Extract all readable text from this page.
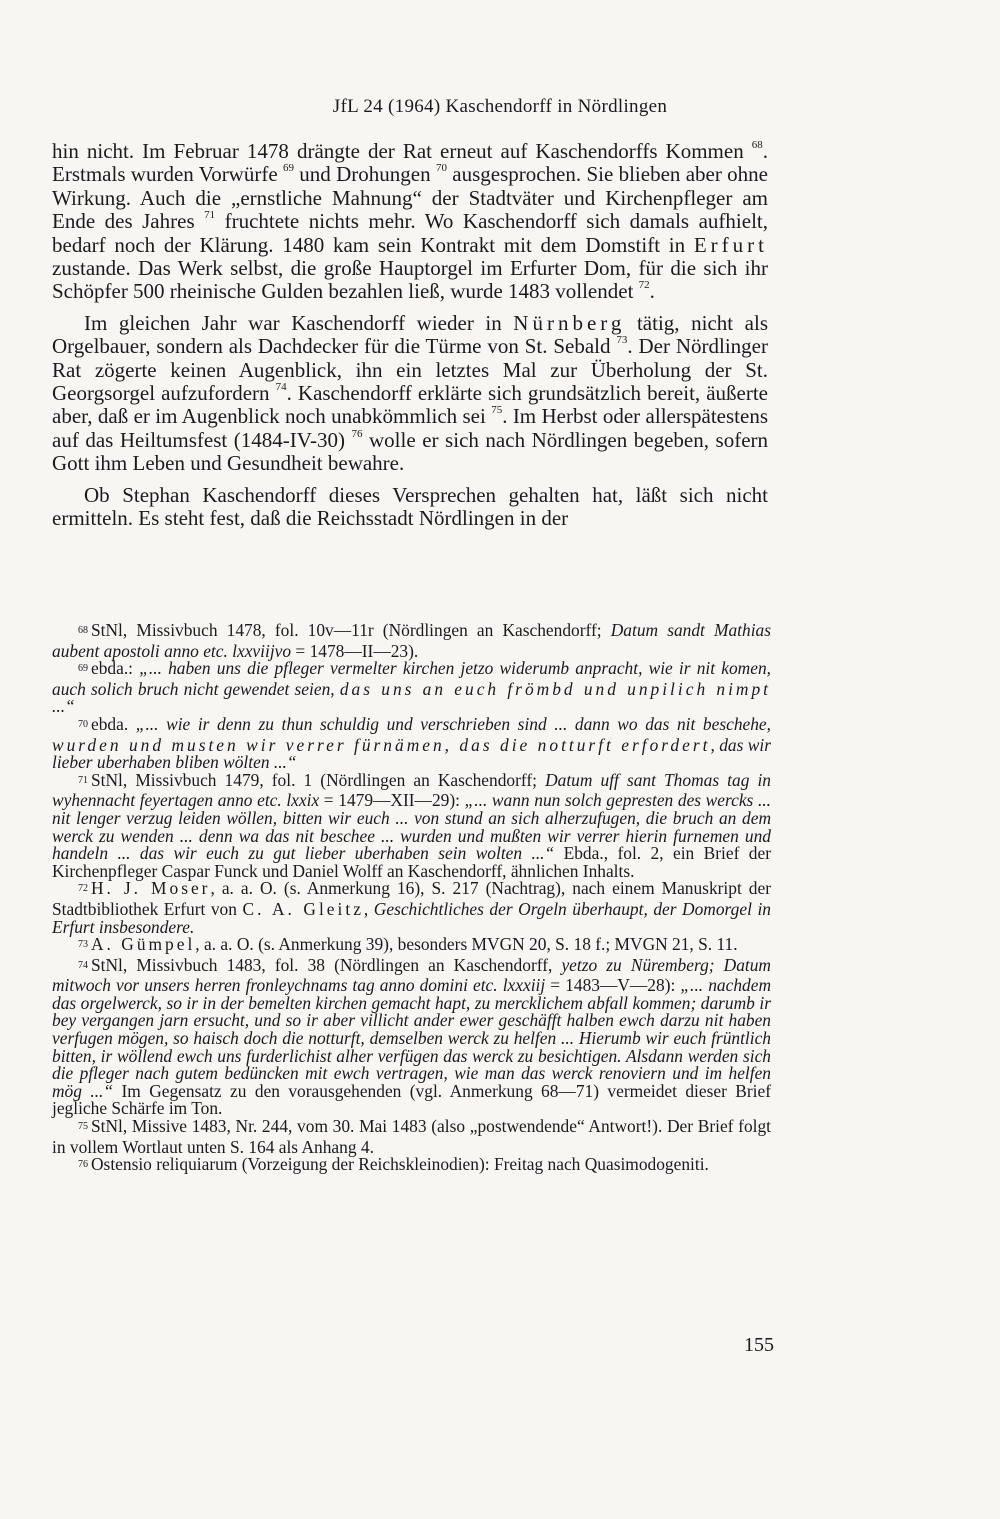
JfL 24 (1964) Kaschendorff in Nördlingen

hin nicht. Im Februar 1478 drängte der Rat erneut auf Kaschendorffs Kommen $^{68}$. Erstmals wurden Vorwürfe $^{69}$ und Drohungen $^{70}$ ausgesprochen. Sie blieben aber ohne Wirkung. Auch die „ernstliche Mahnung“ der Stadtväter und Kirchenpfleger am Ende des Jahres $^{71}$ fruchtete nichts mehr. Wo Kaschendorff sich damals aufhielt, bedarf noch der Klärung. 1480 kam sein Kontrakt mit dem Domstift in Erfurt zustande. Das Werk selbst, die große Hauptorgel im Erfurter Dom, für die sich ihr Schöpfer 500 rheinische Gulden bezahlen ließ, wurde 1483 vollendet $^{72}$.

Im gleichen Jahr war Kaschendorff wieder in Nürnberg tätig, nicht als Orgelbauer, sondern als Dachdecker für die Türme von St. Sebald $^{73}$. Der Nördlinger Rat zögerte keinen Augenblick, ihn ein letztes Mal zur Überholung der St. Georgsorgel aufzufordern $^{74}$. Kaschendorff erklärte sich grundsätzlich bereit, äußerte aber, daß er im Augenblick noch unabkömmlich sei $^{75}$. Im Herbst oder allerspätestens auf das Heiltumsfest (1484-IV-30) $^{76}$ wolle er sich nach Nördlingen begeben, sofern Gott ihm Leben und Gesundheit bewahre.

Ob Stephan Kaschendorff dieses Versprechen gehalten hat, läßt sich nicht ermitteln. Es steht fest, daß die Reichsstadt Nördlingen in der

68 StNl, Missivbuch 1478, fol. 10v—11r (Nördlingen an Kaschendorff; Datum sandt Mathias aubent apostoli anno etc. lxxviijvo = 1478—II—23).

69 ebda.: „... haben uns die pfleger vermelter kirchen jetzo widerumb anpracht, wie ir nit komen, auch solich bruch nicht gewendet seien, das uns an euch frömbd und unpilich nimpt ...“

70 ebda. „... wie ir denn zu thun schuldig und verschrieben sind ... dann wo das nit beschehe, wurden und musten wir verrer fürnämen, das die notturft erfordert, das wir lieber uberhaben bliben wölten ...“

71 StNl, Missivbuch 1479, fol. 1 (Nördlingen an Kaschendorff; Datum uff sant Thomas tag in wyhennacht feyertagen anno etc. lxxix = 1479—XII—29): „... wann nun solch gepresten des wercks ... nit lenger verzug leiden wöllen, bitten wir euch ... von stund an sich alherzufugen, die bruch an dem werck zu wenden ... denn wa das nit beschee ... wurden und mußten wir verrer hierin furnemen und handeln ... das wir euch zu gut lieber uberhaben sein wolten ...“ Ebda., fol. 2, ein Brief der Kirchenpfleger Caspar Funck und Daniel Wolff an Kaschendorff, ähnlichen Inhalts.

72 H. J. Moser, a. a. O. (s. Anmerkung 16), S. 217 (Nachtrag), nach einem Manuskript der Stadtbibliothek Erfurt von C. A. Gleitz, Geschichtliches der Orgeln überhaupt, der Domorgel in Erfurt insbesondere.

73 A. Gümpel, a. a. O. (s. Anmerkung 39), besonders MVGN 20, S. 18 f.; MVGN 21, S. 11.

74 StNl, Missivbuch 1483, fol. 38 (Nördlingen an Kaschendorff, yetzo zu Nüremberg; Datum mitwoch vor unsers herren fronleychnams tag anno domini etc. lxxxiij = 1483—V—28): „... nachdem das orgelwerck, so ir in der bemelten kirchen gemacht hapt, zu mercklichem abfall kommen; darumb ir bey vergangen jarn ersucht, und so ir aber villicht ander ewer geschäfft halben ewch darzu nit haben verfugen mögen, so haisch doch die notturft, demselben werck zu helfen ... Hierumb wir euch früntlich bitten, ir wöllend ewch uns furderlichist alher verfügen das werck zu besichtigen. Alsdann werden sich die pfleger nach gutem bedüncken mit ewch vertragen, wie man das werck renoviern und im helfen mög ...“ Im Gegensatz zu den vorausgehenden (vgl. Anmerkung 68—71) vermeidet dieser Brief jegliche Schärfe im Ton.

75 StNl, Missive 1483, Nr. 244, vom 30. Mai 1483 (also „postwendende“ Antwort!). Der Brief folgt in vollem Wortlaut unten S. 164 als Anhang 4.

76 Ostensio reliquiarum (Vorzeigung der Reichskleinodien): Freitag nach Quasimodogeniti.

155
